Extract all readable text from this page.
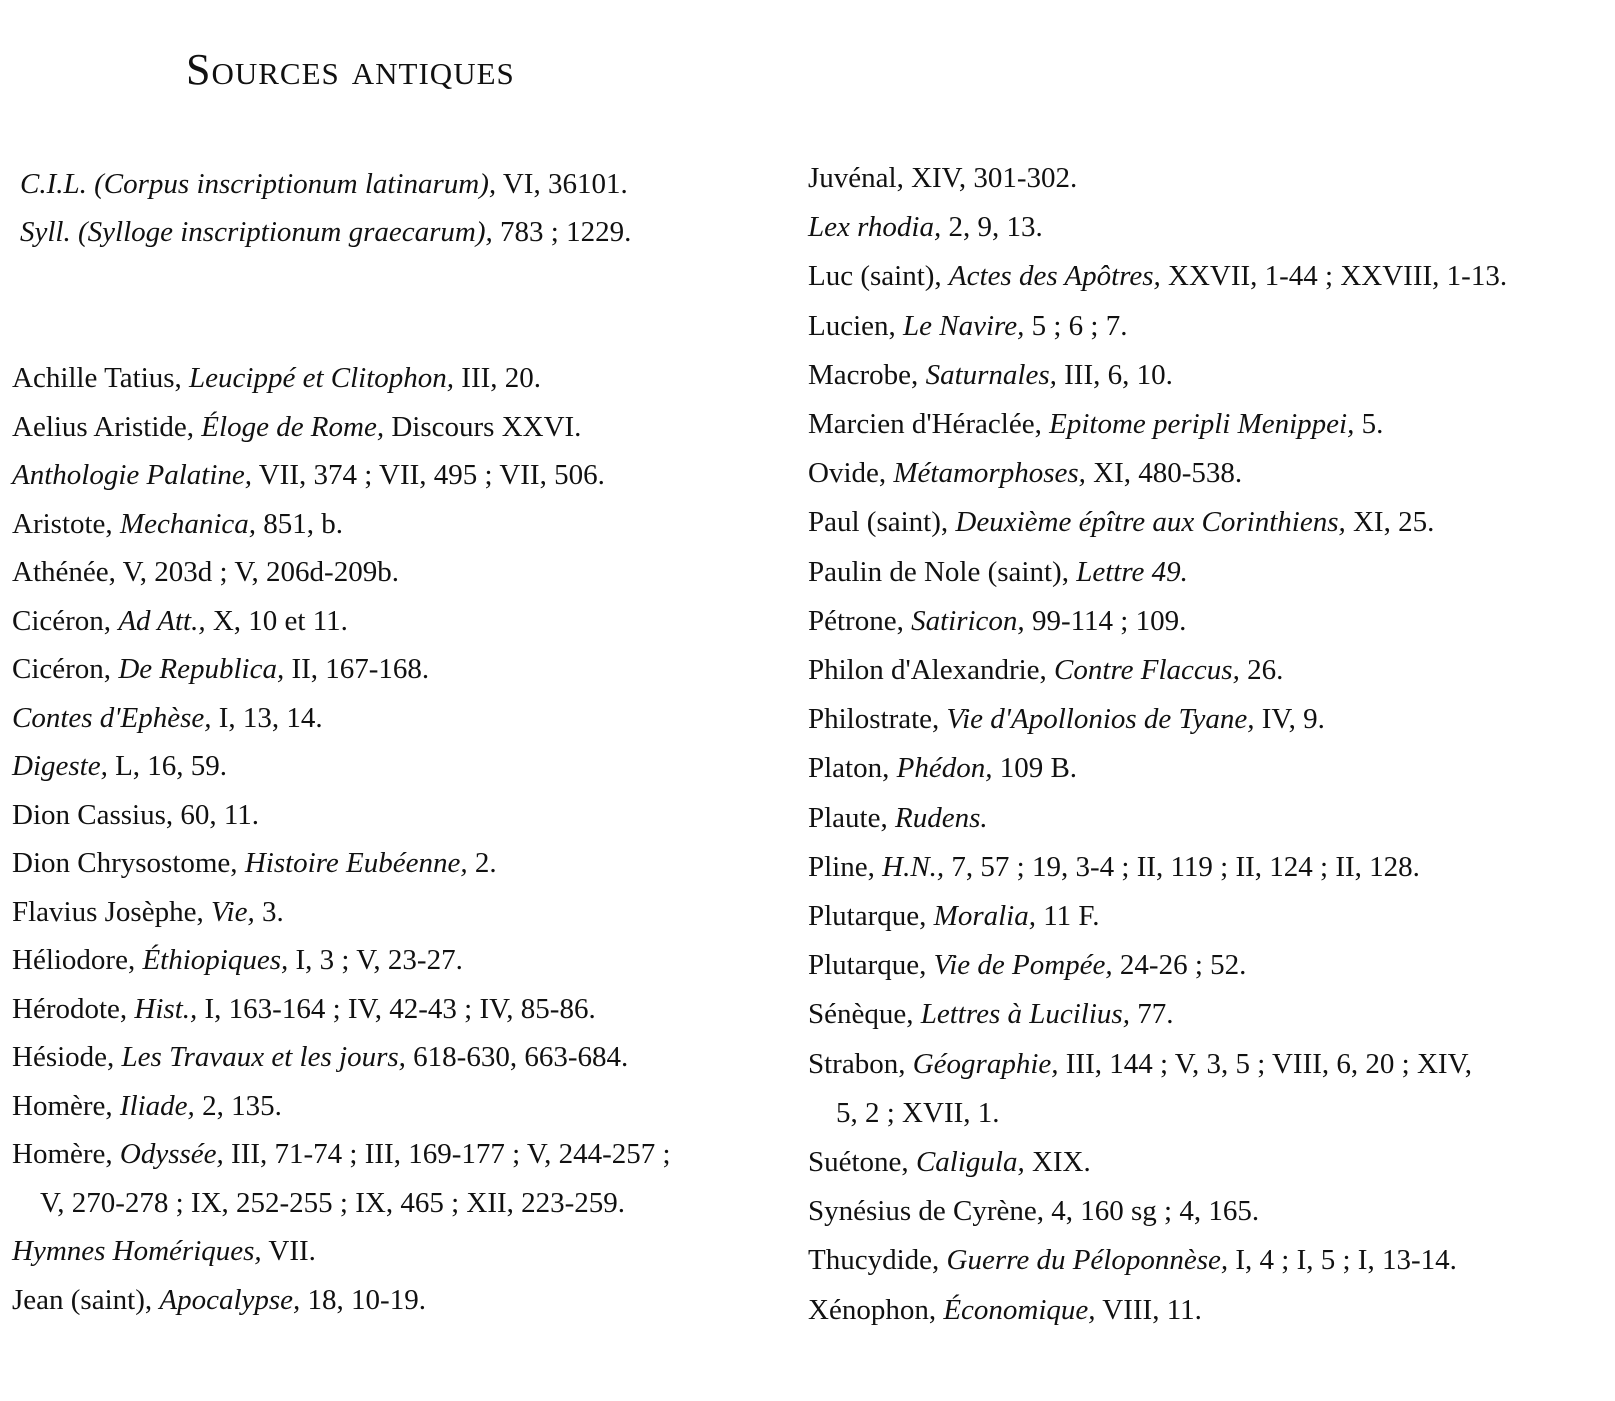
Sources antiques
C.I.L. (Corpus inscriptionum latinarum), VI, 36101.
Syll. (Sylloge inscriptionum graecarum), 783 ; 1229.
Achille Tatius, Leucippé et Clitophon, III, 20.
Aelius Aristide, Éloge de Rome, Discours XXVI.
Anthologie Palatine, VII, 374 ; VII, 495 ; VII, 506.
Aristote, Mechanica, 851, b.
Athénée, V, 203d ; V, 206d-209b.
Cicéron, Ad Att., X, 10 et 11.
Cicéron, De Republica, II, 167-168.
Contes d'Ephèse, I, 13, 14.
Digeste, L, 16, 59.
Dion Cassius, 60, 11.
Dion Chrysostome, Histoire Eubéenne, 2.
Flavius Josèphe, Vie, 3.
Héliodore, Éthiopiques, I, 3 ; V, 23-27.
Hérodote, Hist., I, 163-164 ; IV, 42-43 ; IV, 85-86.
Hésiode, Les Travaux et les jours, 618-630, 663-684.
Homère, Iliade, 2, 135.
Homère, Odyssée, III, 71-74 ; III, 169-177 ; V, 244-257 ;
V, 270-278 ; IX, 252-255 ; IX, 465 ; XII, 223-259.
Hymnes Homériques, VII.
Jean (saint), Apocalypse, 18, 10-19.
Juvénal, XIV, 301-302.
Lex rhodia, 2, 9, 13.
Luc (saint), Actes des Apôtres, XXVII, 1-44 ; XXVIII, 1-13.
Lucien, Le Navire, 5 ; 6 ; 7.
Macrobe, Saturnales, III, 6, 10.
Marcien d'Héraclée, Epitome peripli Menippei, 5.
Ovide, Métamorphoses, XI, 480-538.
Paul (saint), Deuxième épître aux Corinthiens, XI, 25.
Paulin de Nole (saint), Lettre 49.
Pétrone, Satiricon, 99-114 ; 109.
Philon d'Alexandrie, Contre Flaccus, 26.
Philostrate, Vie d'Apollonios de Tyane, IV, 9.
Platon, Phédon, 109 B.
Plaute, Rudens.
Pline, H.N., 7, 57 ; 19, 3-4 ; II, 119 ; II, 124 ; II, 128.
Plutarque, Moralia, 11 F.
Plutarque, Vie de Pompée, 24-26 ; 52.
Sénèque, Lettres à Lucilius, 77.
Strabon, Géographie, III, 144 ; V, 3, 5 ; VIII, 6, 20 ; XIV,
5, 2 ; XVII, 1.
Suétone, Caligula, XIX.
Synésius de Cyrène, 4, 160 sg ; 4, 165.
Thucydide, Guerre du Péloponnèse, I, 4 ; I, 5 ; I, 13-14.
Xénophon, Économique, VIII, 11.
